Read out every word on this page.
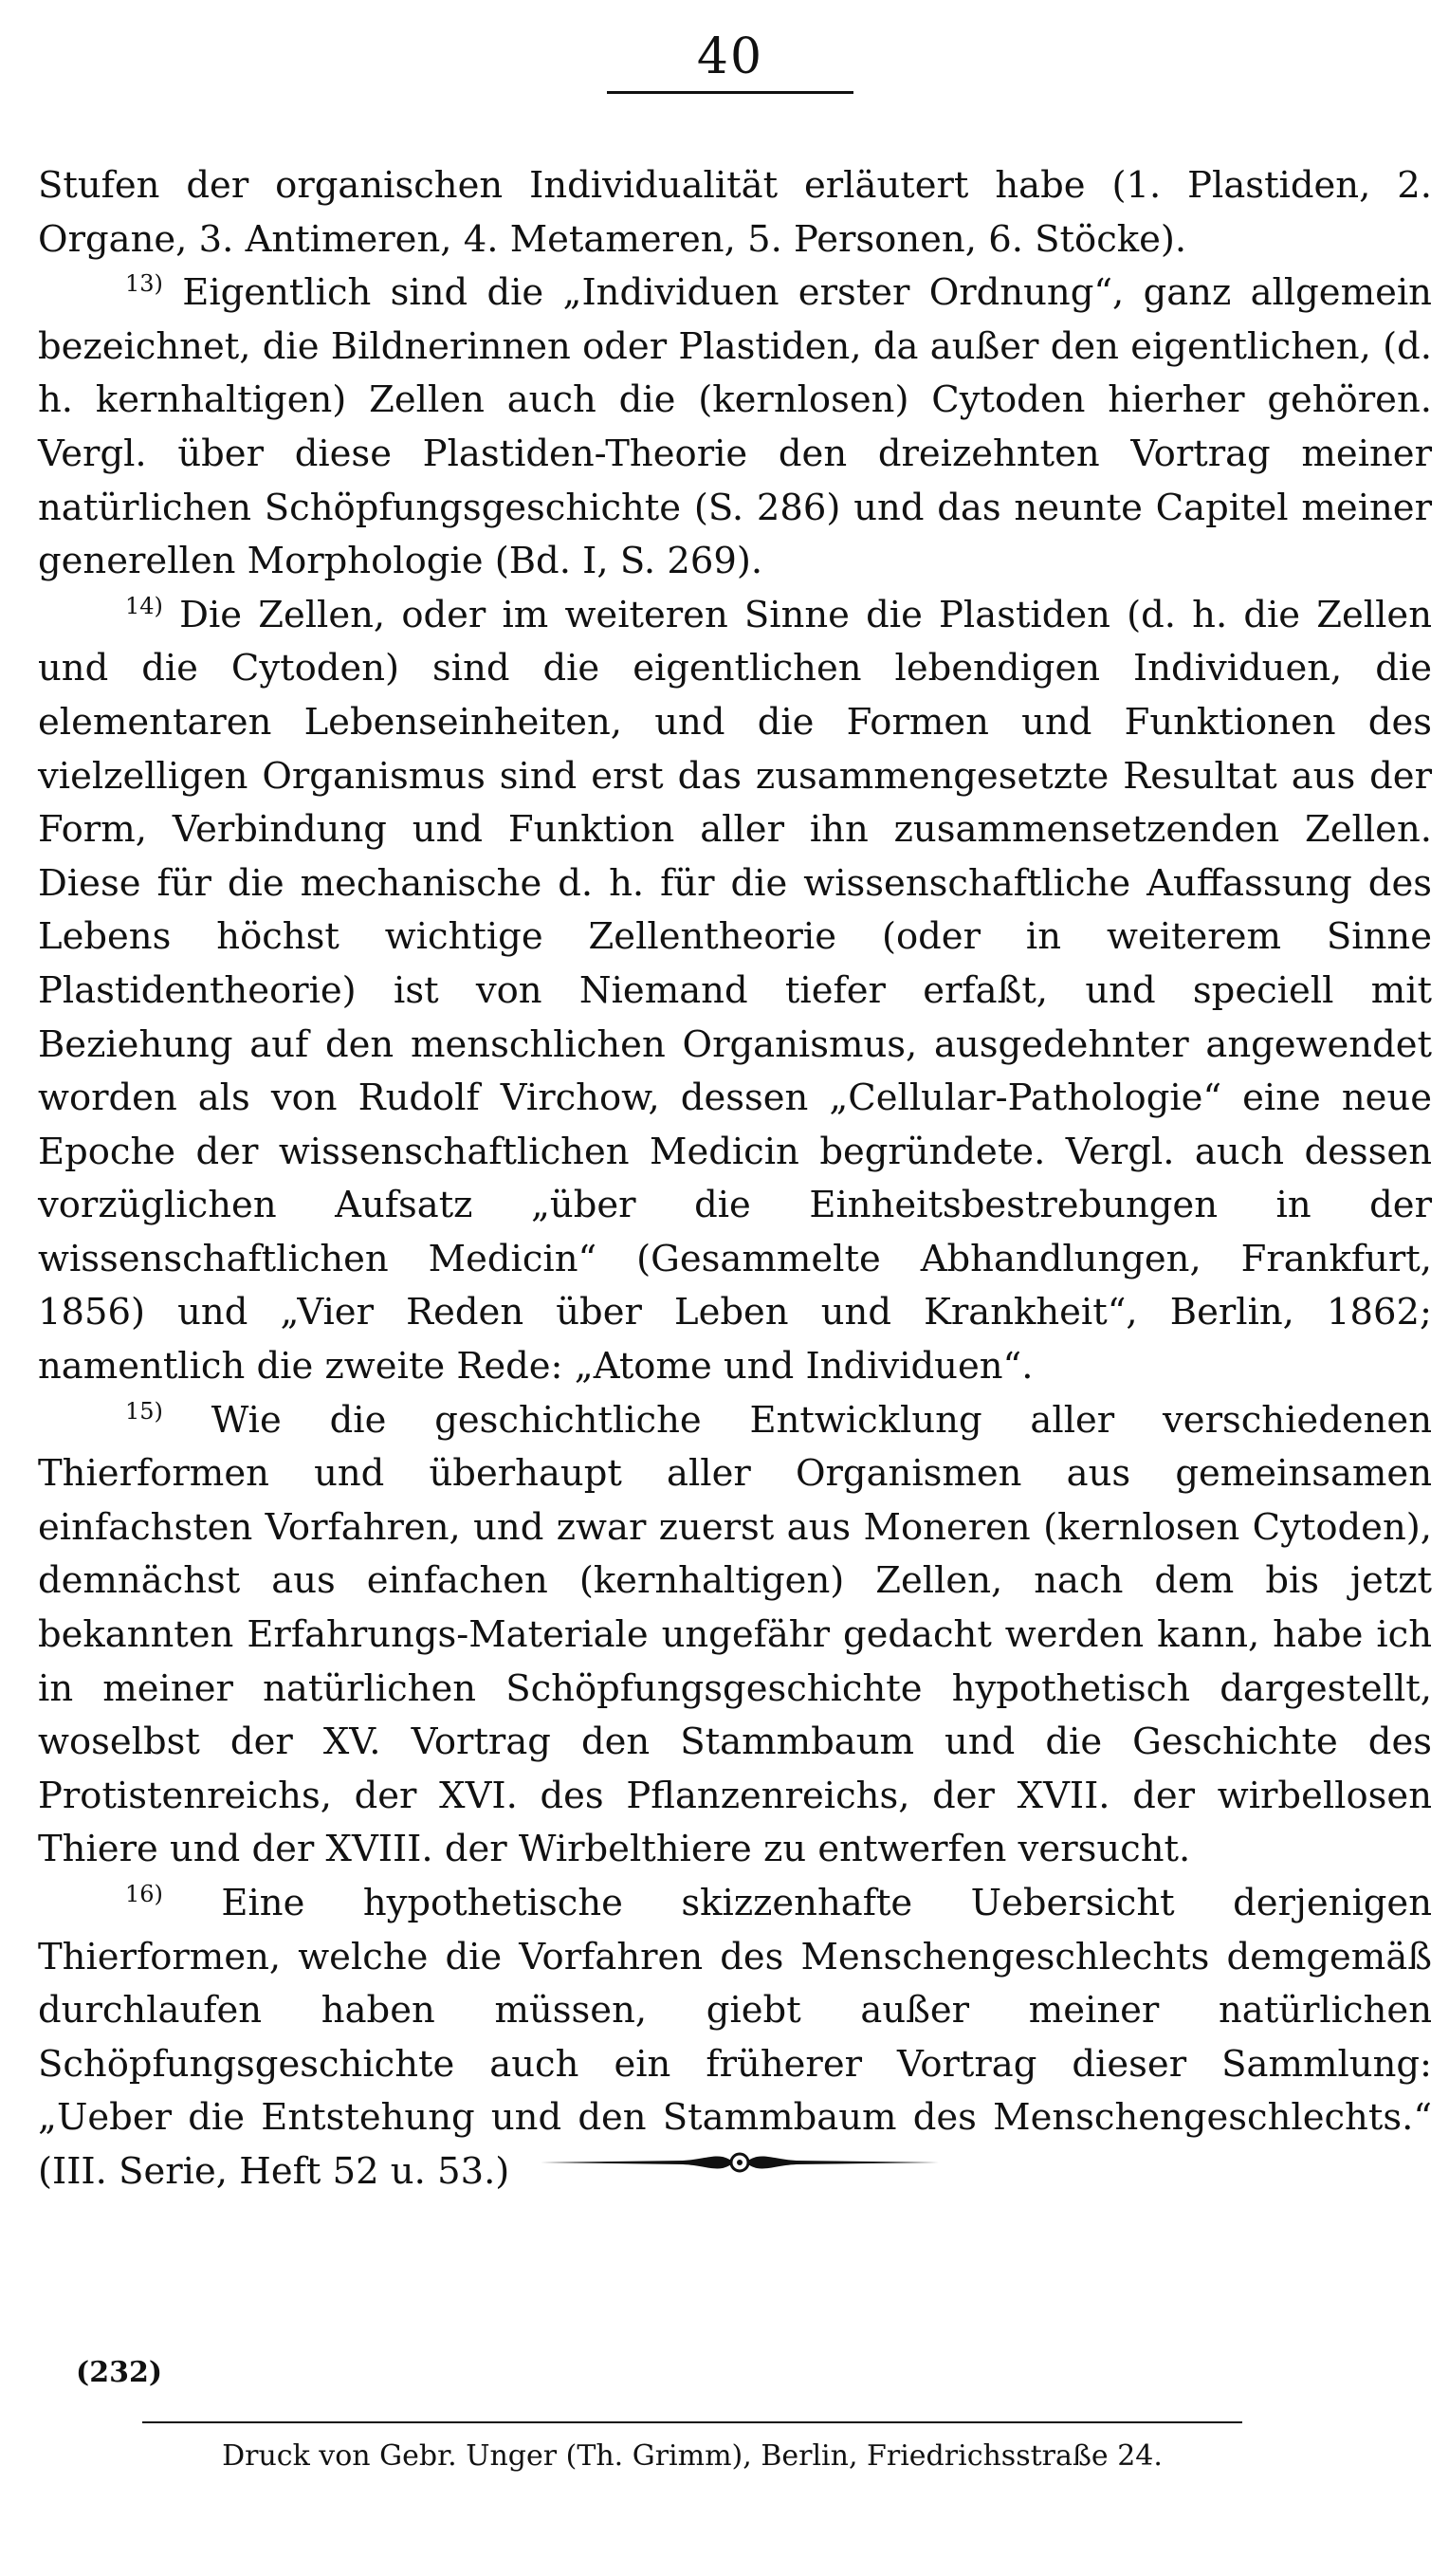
40

Stufen der organischen Individualität erläutert habe (1. Plastiden, 2. Organe, 3. Antimeren, 4. Metameren, 5. Personen, 6. Stöcke).

$^{13)}$ Eigentlich sind die „Individuen erster Ordnung“, ganz allgemein bezeichnet, die Bildnerinnen oder Plastiden, da außer den eigentlichen, (d. h. kernhaltigen) Zellen auch die (kernlosen) Cytoden hierher gehören. Vergl. über diese Plastiden-Theorie den dreizehnten Vortrag meiner natürlichen Schöpfungsgeschichte (S. 286) und das neunte Capitel meiner generellen Morphologie (Bd. I, S. 269).

$^{14)}$ Die Zellen, oder im weiteren Sinne die Plastiden (d. h. die Zellen und die Cytoden) sind die eigentlichen lebendigen Individuen, die elementaren Lebenseinheiten, und die Formen und Funktionen des vielzelligen Organismus sind erst das zusammengesetzte Resultat aus der Form, Verbindung und Funktion aller ihn zusammensetzenden Zellen. Diese für die mechanische d. h. für die wissenschaftliche Auffassung des Lebens höchst wichtige Zellentheorie (oder in weiterem Sinne Plastidentheorie) ist von Niemand tiefer erfaßt, und speciell mit Beziehung auf den menschlichen Organismus, ausgedehnter angewendet worden als von Rudolf Virchow, dessen „Cellular-Pathologie“ eine neue Epoche der wissenschaftlichen Medicin begründete. Vergl. auch dessen vorzüglichen Aufsatz „über die Einheitsbestrebungen in der wissenschaftlichen Medicin“ (Gesammelte Abhandlungen, Frankfurt, 1856) und „Vier Reden über Leben und Krankheit“, Berlin, 1862; namentlich die zweite Rede: „Atome und Individuen“.

$^{15)}$ Wie die geschichtliche Entwicklung aller verschiedenen Thierformen und überhaupt aller Organismen aus gemeinsamen einfachsten Vorfahren, und zwar zuerst aus Moneren (kernlosen Cytoden), demnächst aus einfachen (kernhaltigen) Zellen, nach dem bis jetzt bekannten Erfahrungs-Materiale ungefähr gedacht werden kann, habe ich in meiner natürlichen Schöpfungsgeschichte hypothetisch dargestellt, woselbst der XV. Vortrag den Stammbaum und die Geschichte des Protistenreichs, der XVI. des Pflanzenreichs, der XVII. der wirbellosen Thiere und der XVIII. der Wirbelthiere zu entwerfen versucht.

$^{16)}$ Eine hypothetische skizzenhafte Uebersicht derjenigen Thierformen, welche die Vorfahren des Menschengeschlechts demgemäß durchlaufen haben müssen, giebt außer meiner natürlichen Schöpfungsgeschichte auch ein früherer Vortrag dieser Sammlung: „Ueber die Entstehung und den Stammbaum des Menschengeschlechts.“ (III. Serie, Heft 52 u. 53.)

(232)
Druck von Gebr. Unger (Th. Grimm), Berlin, Friedrichsstraße 24.
